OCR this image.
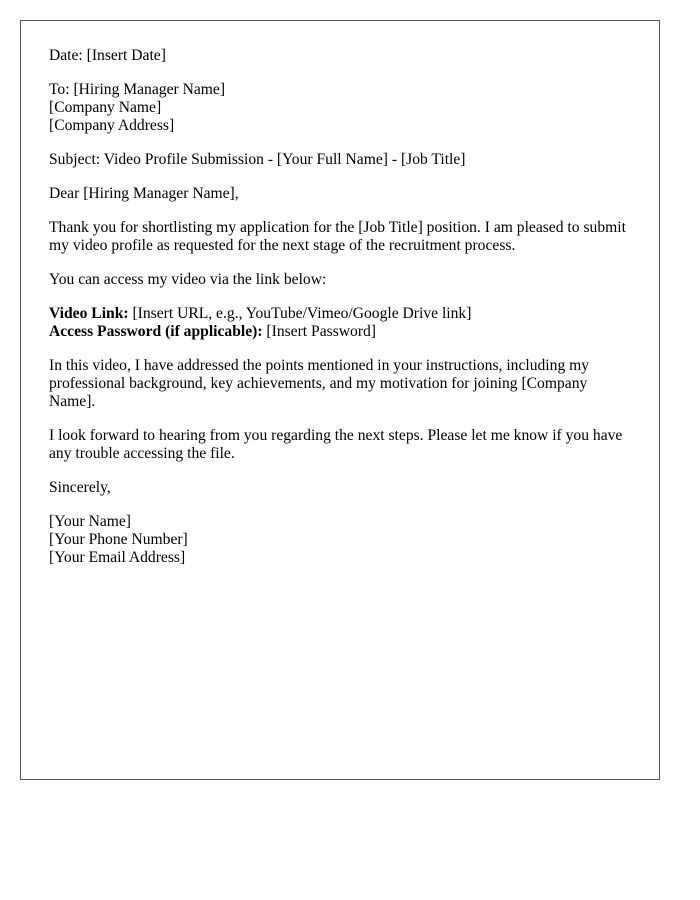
Date: [Insert Date]

To: [Hiring Manager Name]
[Company Name]
[Company Address]

Subject: Video Profile Submission - [Your Full Name] - [Job Title]

Dear [Hiring Manager Name],

Thank you for shortlisting my application for the [Job Title] position. I am pleased to submit my video profile as requested for the next stage of the recruitment process.

You can access my video via the link below:

Video Link: [Insert URL, e.g., YouTube/Vimeo/Google Drive link]
Access Password (if applicable): [Insert Password]

In this video, I have addressed the points mentioned in your instructions, including my professional background, key achievements, and my motivation for joining [Company Name].

I look forward to hearing from you regarding the next steps. Please let me know if you have any trouble accessing the file.

Sincerely,

[Your Name]
[Your Phone Number]
[Your Email Address]
